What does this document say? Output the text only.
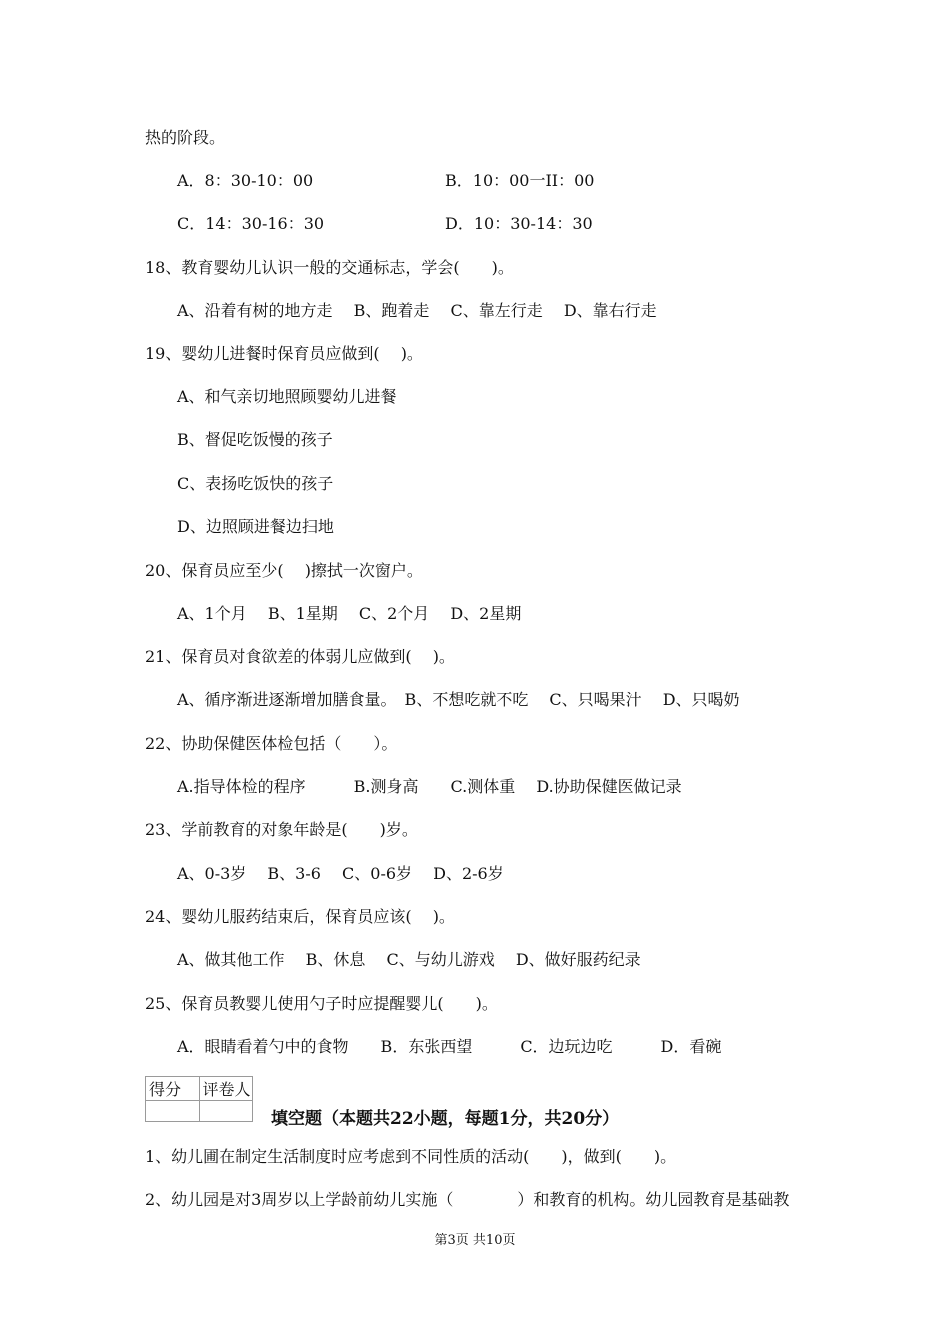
热的阶段。
A．8：30-10：00	B．10：00一II：00
C．14：30-16：30	D．10：30-14：30
18、教育婴幼儿认识一般的交通标志，学会(　　)。
A、沿着有树的地方走　 B、跑着走　 C、靠左行走　 D、靠右行走
19、婴幼儿进餐时保育员应做到(　 )。
A、和气亲切地照顾婴幼儿进餐
B、督促吃饭慢的孩子
C、表扬吃饭快的孩子
D、边照顾进餐边扫地
20、保育员应至少(　 )擦拭一次窗户。
A、1个月　 B、1星期　 C、2个月　 D、2星期
21、保育员对食欲差的体弱儿应做到(　 )。
A、循序渐进逐渐增加膳食量。　B、不想吃就不吃　 C、只喝果汁　 D、只喝奶
22、协助保健医体检包括（　　）。
A.指导体检的程序　　　B.测身高　　C.测体重　 D.协助保健医做记录
23、学前教育的对象年龄是(　　)岁。
A、0-3岁　 B、3-6　 C、0-6岁　 D、2-6岁
24、婴幼儿服药结束后，保育员应该(　 )。
A、做其他工作　 B、休息　 C、与幼儿游戏　 D、做好服药纪录
25、保育员教婴儿使用勺子时应提醒婴儿(　　)。
A．眼睛看着勺中的食物　　B．东张西望　　　C．边玩边吃　　　D．看碗
得分	评卷人

填空题（本题共22小题，每题1分，共20分）
1、幼儿圃在制定生活制度时应考虑到不同性质的活动(　　)，做到(　　)。
2、幼儿园是对3周岁以上学龄前幼儿实施（　　　　）和教育的机构。幼儿园教育是基础教
第3页 共10页
